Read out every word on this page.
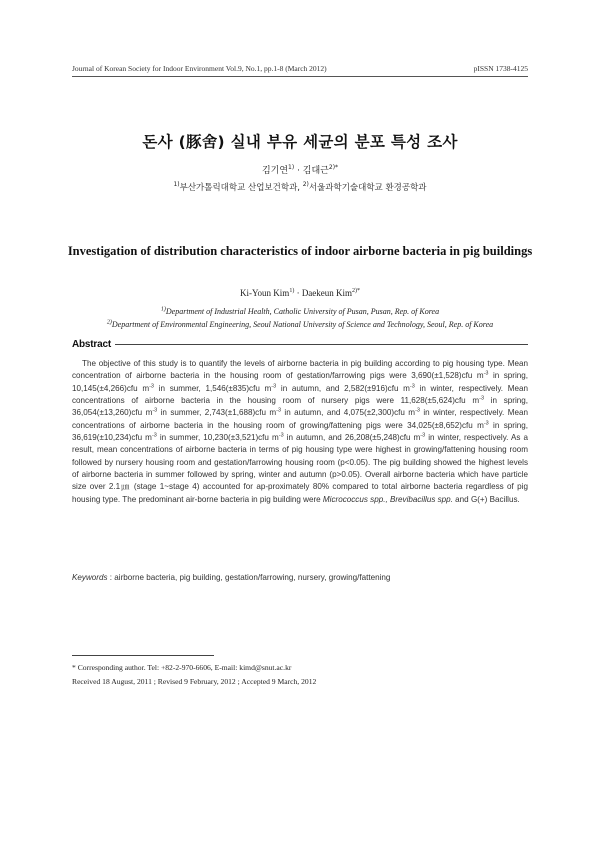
Journal of Korean Society for Indoor Environment Vol.9, No.1, pp.1-8 (March 2012)	pISSN 1738-4125
돈사 (豚舍) 실내 부유 세균의 분포 특성 조사
김기연$^{1)}$ · 김대근$^{2)*}$
$^{1)}$부산가톨릭대학교 산업보건학과, $^{2)}$서울과학기술대학교 환경공학과
Investigation of distribution characteristics of indoor airborne bacteria in pig buildings
Ki-Youn Kim$^{1)}$ · Daekeun Kim$^{2)*}$
$^{1)}$Department of Industrial Health, Catholic University of Pusan, Pusan, Rep. of Korea
$^{2)}$Department of Environmental Engineering, Seoul National University of Science and Technology, Seoul, Rep. of Korea
Abstract
The objective of this study is to quantify the levels of airborne bacteria in pig building according to pig housing type. Mean concentration of airborne bacteria in the housing room of gestation/farrowing pigs were 3,690(±1,528)cfu $m^{-3}$ in spring, 10,145(±4,266)cfu $m^{-3}$ in summer, 1,546(±835)cfu $m^{-3}$ in autumn, and 2,582(±916)cfu $m^{-3}$ in winter, respectively. Mean concentrations of airborne bacteria in the housing room of nursery pigs were 11,628(±5,624)cfu $m^{-3}$ in spring, 36,054(±13,260)cfu $m^{-3}$ in summer, 2,743(±1,688)cfu $m^{-3}$ in autumn, and 4,075(±2,300)cfu $m^{-3}$ in winter, respectively. Mean concentrations of airborne bacteria in the housing room of growing/fattening pigs were 34,025(±8,652)cfu $m^{-3}$ in spring, 36,619(±10,234)cfu $m^{-3}$ in summer, 10,230(±3,521)cfu $m^{-3}$ in autumn, and 26,208(±5,248)cfu $m^{-3}$ in winter, respectively. As a result, mean concentrations of airborne bacteria in terms of pig housing type were highest in growing/fattening housing room followed by nursery housing room and gestation/farrowing housing room (p<0.05). The pig building showed the highest levels of airborne bacteria in summer followed by spring, winter and autumn (p>0.05). Overall airborne bacteria which have particle size over 2.1㎛ (stage 1~stage 4) accounted for ap-proximately 80% compared to total airborne bacteria regardless of pig housing type. The predominant air-borne bacteria in pig building were Micrococcus spp., Brevibacillus spp. and G(+) Bacillus.
Keywords : airborne bacteria, pig building, gestation/farrowing, nursery, growing/fattening
* Corresponding author. Tel: +82-2-970-6606, E-mail: kimd@snut.ac.kr
Received 18 August, 2011 ; Revised 9 February, 2012 ; Accepted 9 March, 2012
